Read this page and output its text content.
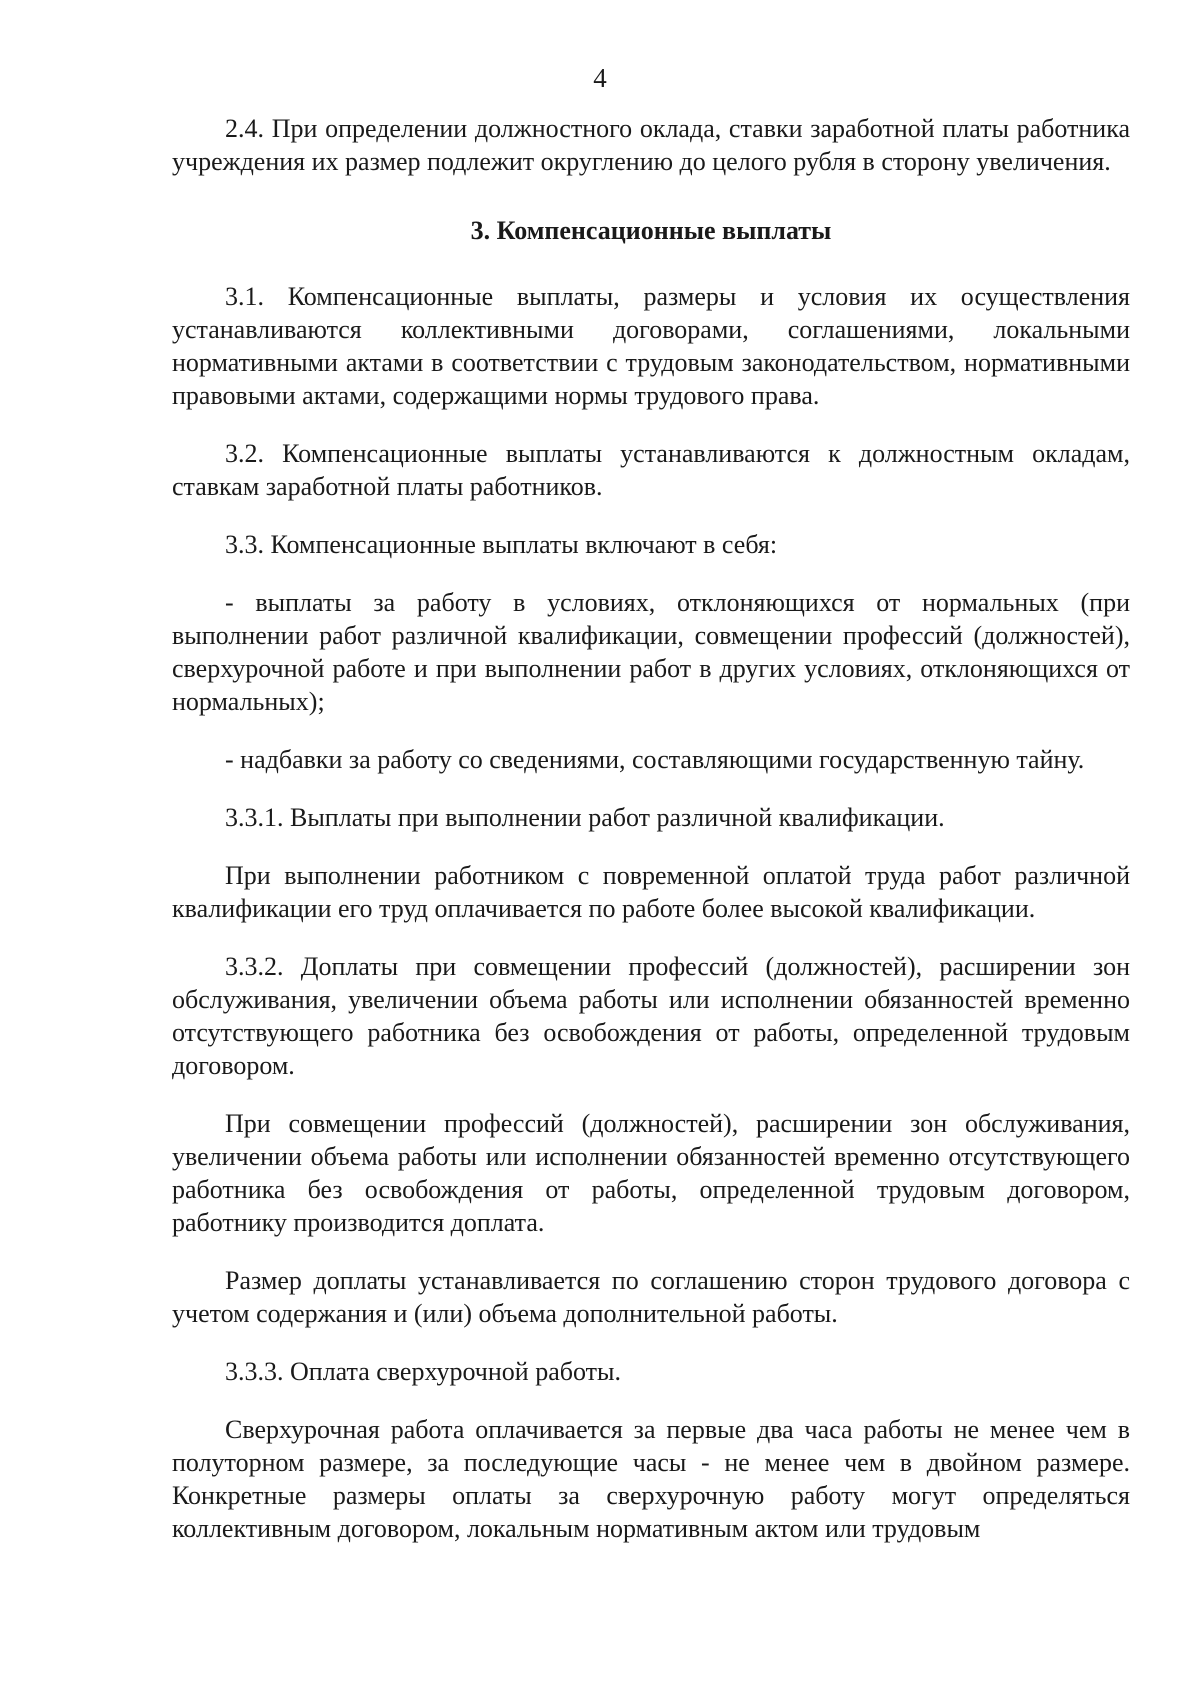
4

2.4. При определении должностного оклада, ставки заработной платы работника учреждения их размер подлежит округлению до целого рубля в сторону увеличения.

3. Компенсационные выплаты

3.1. Компенсационные выплаты, размеры и условия их осуществления устанавливаются коллективными договорами, соглашениями, локальными нормативными актами в соответствии с трудовым законодательством, нормативными правовыми актами, содержащими нормы трудового права.

3.2. Компенсационные выплаты устанавливаются к должностным окладам, ставкам заработной платы работников.

3.3. Компенсационные выплаты включают в себя:

- выплаты за работу в условиях, отклоняющихся от нормальных (при выполнении работ различной квалификации, совмещении профессий (должностей), сверхурочной работе и при выполнении работ в других условиях, отклоняющихся от нормальных);

- надбавки за работу со сведениями, составляющими государственную тайну.

3.3.1. Выплаты при выполнении работ различной квалификации.

При выполнении работником с повременной оплатой труда работ различной квалификации его труд оплачивается по работе более высокой квалификации.

3.3.2. Доплаты при совмещении профессий (должностей), расширении зон обслуживания, увеличении объема работы или исполнении обязанностей временно отсутствующего работника без освобождения от работы, определенной трудовым договором.

При совмещении профессий (должностей), расширении зон обслуживания, увеличении объема работы или исполнении обязанностей временно отсутствующего работника без освобождения от работы, определенной трудовым договором, работнику производится доплата.

Размер доплаты устанавливается по соглашению сторон трудового договора с учетом содержания и (или) объема дополнительной работы.

3.3.3. Оплата сверхурочной работы.

Сверхурочная работа оплачивается за первые два часа работы не менее чем в полуторном размере, за последующие часы - не менее чем в двойном размере. Конкретные размеры оплаты за сверхурочную работу могут определяться коллективным договором, локальным нормативным актом или трудовым
